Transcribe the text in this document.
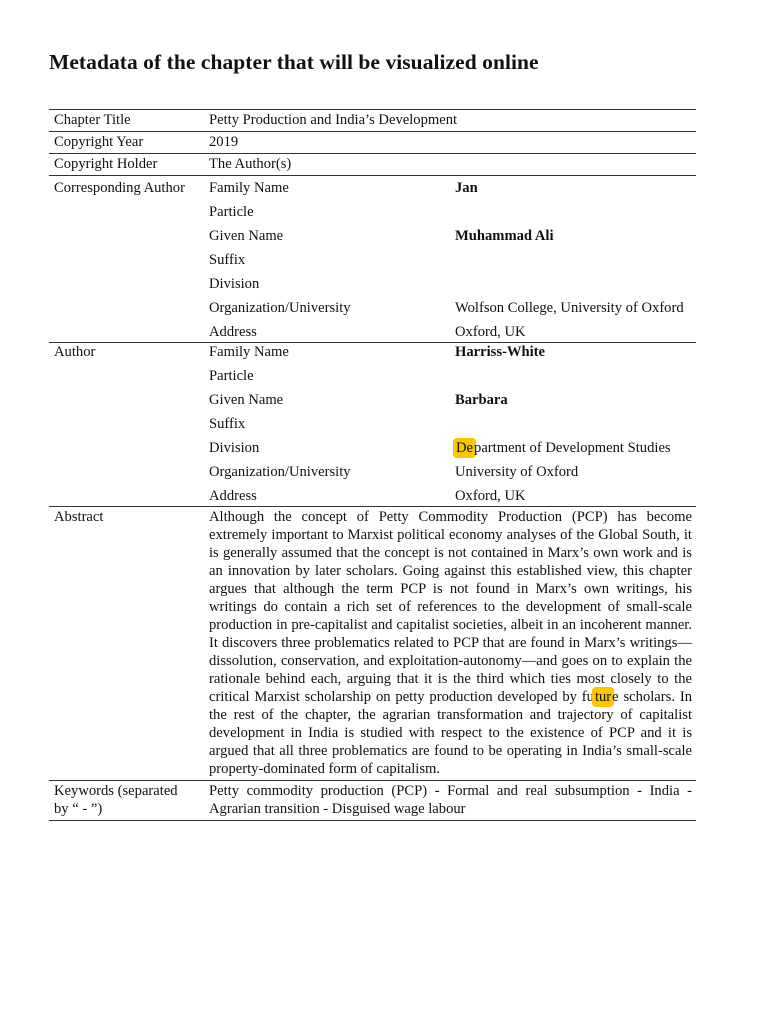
Metadata of the chapter that will be visualized online
Chapter Title	Petty Production and India’s Development	
Copyright Year	2019	
Copyright Holder	The Author(s)	
Corresponding Author	Family Name	Jan
	Particle	
	Given Name	Muhammad Ali
	Suffix	
	Division	
	Organization/University	Wolfson College, University of Oxford
	Address	Oxford, UK
Author	Family Name	Harriss-White
	Particle	
	Given Name	Barbara
	Suffix	
	Division	Department of Development Studies
	Organization/University	University of Oxford
	Address	Oxford, UK
Abstract	Although the concept of Petty Commodity Production (PCP) has become extremely important to Marxist political economy analyses of the Global South, it is generally assumed that the concept is not contained in Marx’s own work and is an innovation by later scholars. Going against this established view, this chapter argues that although the term PCP is not found in Marx’s own writings, his writings do contain a rich set of references to the development of small-scale production in pre-capitalist and capitalist societies, albeit in an incoherent manner. It discovers three problematics related to PCP that are found in Marx’s writings—dissolution, conservation, and exploitation-autonomy—and goes on to explain the rationale behind each, arguing that it is the third which ties most closely to the critical Marxist scholarship on petty production developed by future scholars. In the rest of the chapter, the agrarian transformation and trajectory of capitalist development in India is studied with respect to the existence of PCP and it is argued that all three problematics are found to be operating in India’s small-scale property-dominated form of capitalism.	
Keywords (separated
by “ - ”)	Petty commodity production (PCP) - Formal and real subsumption - India - Agrarian transition - Disguised wage labour	
